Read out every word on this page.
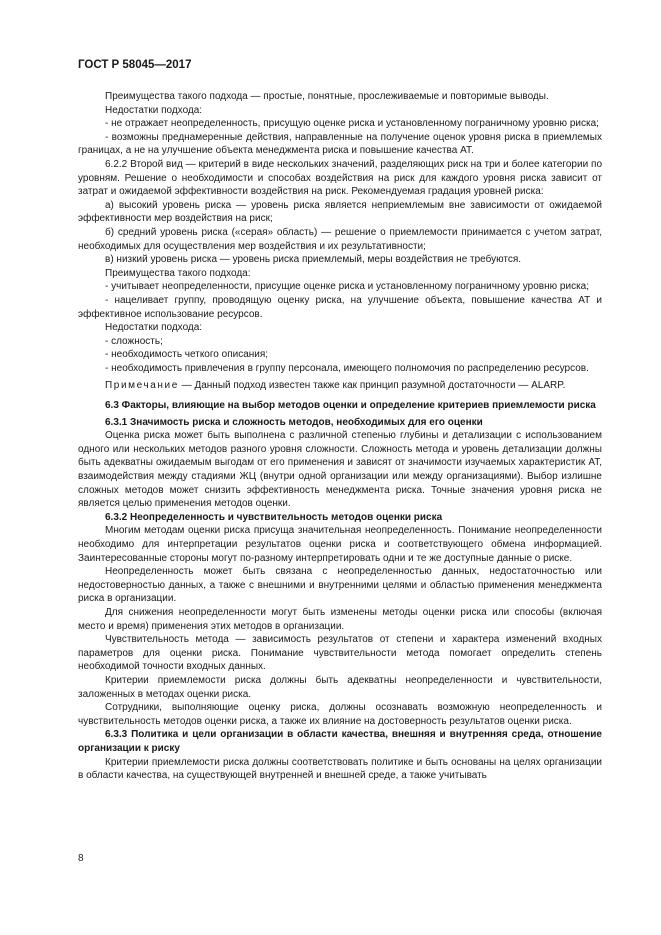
ГОСТ Р 58045—2017

Преимущества такого подхода — простые, понятные, прослеживаемые и повторимые выводы.

Недостатки подхода:

- не отражает неопределенность, присущую оценке риска и установленному пограничному уровню риска;

- возможны преднамеренные действия, направленные на получение оценок уровня риска в приемлемых границах, а не на улучшение объекта менеджмента риска и повышение качества АТ.

6.2.2 Второй вид — критерий в виде нескольких значений, разделяющих риск на три и более категории по уровням. Решение о необходимости и способах воздействия на риск для каждого уровня риска зависит от затрат и ожидаемой эффективности воздействия на риск. Рекомендуемая градация уровней риска:

а) высокий уровень риска — уровень риска является неприемлемым вне зависимости от ожидаемой эффективности мер воздействия на риск;

б) средний уровень риска («серая» область) — решение о приемлемости принимается с учетом затрат, необходимых для осуществления мер воздействия и их результативности;

в) низкий уровень риска — уровень риска приемлемый, меры воздействия не требуются.

Преимущества такого подхода:

- учитывает неопределенности, присущие оценке риска и установленному пограничному уровню риска;

- нацеливает группу, проводящую оценку риска, на улучшение объекта, повышение качества АТ и эффективное использование ресурсов.

Недостатки подхода:

- сложность;

- необходимость четкого описания;

- необходимость привлечения в группу персонала, имеющего полномочия по распределению ресурсов.

Примечание — Данный подход известен также как принцип разумной достаточности — ALARP.
6.3 Факторы, влияющие на выбор методов оценки и определение критериев приемлемости риска

6.3.1 Значимость риска и сложность методов, необходимых для его оценки

Оценка риска может быть выполнена с различной степенью глубины и детализации с использованием одного или нескольких методов разного уровня сложности. Сложность метода и уровень детализации должны быть адекватны ожидаемым выгодам от его применения и зависят от значимости изучаемых характеристик АТ, взаимодействия между стадиями ЖЦ (внутри одной организации или между организациями). Выбор излишне сложных методов может снизить эффективность менеджмента риска. Точные значения уровня риска не является целью применения методов оценки.

6.3.2 Неопределенность и чувствительность методов оценки риска

Многим методам оценки риска присуща значительная неопределенность. Понимание неопределенности необходимо для интерпретации результатов оценки риска и соответствующего обмена информацией. Заинтересованные стороны могут по-разному интерпретировать одни и те же доступные данные о риске.

Неопределенность может быть связана с неопределенностью данных, недостаточностью или недостоверностью данных, а также с внешними и внутренними целями и областью применения менеджмента риска в организации.

Для снижения неопределенности могут быть изменены методы оценки риска или способы (включая место и время) применения этих методов в организации.

Чувствительность метода — зависимость результатов от степени и характера изменений входных параметров для оценки риска. Понимание чувствительности метода помогает определить степень необходимой точности входных данных.

Критерии приемлемости риска должны быть адекватны неопределенности и чувствительности, заложенных в методах оценки риска.

Сотрудники, выполняющие оценку риска, должны осознавать возможную неопределенность и чувствительность методов оценки риска, а также их влияние на достоверность результатов оценки риска.

6.3.3 Политика и цели организации в области качества, внешняя и внутренняя среда, отношение организации к риску

Критерии приемлемости риска должны соответствовать политике и быть основаны на целях организации в области качества, на существующей внутренней и внешней среде, а также учитывать

8
